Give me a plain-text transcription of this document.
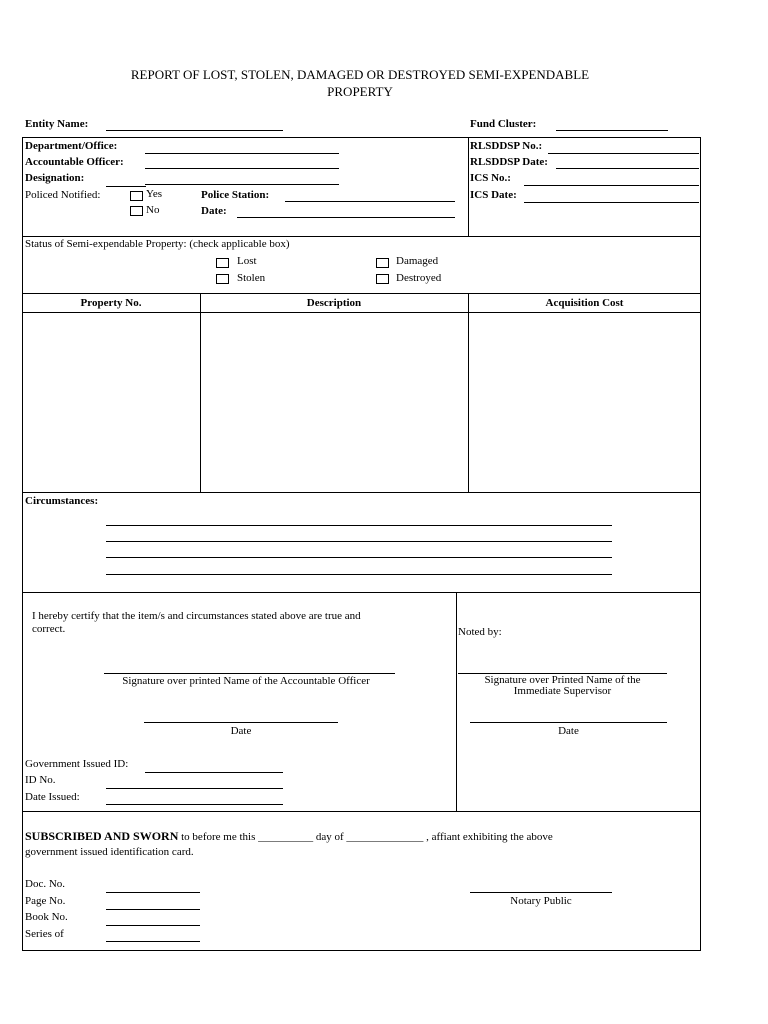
REPORT OF LOST, STOLEN, DAMAGED OR DESTROYED SEMI-EXPENDABLE
PROPERTY
Entity Name:	Fund Cluster:
Department/Office:
Accountable Officer:
Designation:
Policed Notified:	Yes
No
Police Station:
Date:
RLSDDSP No.:
RLSDDSP Date:
ICS No.:
ICS Date:
Status of Semi-expendable Property: (check applicable box)
Lost
Stolen
Damaged
Destroyed
Property No.	Description	Acquisition Cost
Circumstances:
I hereby certify that the item/s and circumstances stated above are true and
correct.
Signature over printed Name of the Accountable Officer
Date
Government Issued ID:
ID No.
Date Issued:
Noted by:
Signature over Printed Name of the
Immediate Supervisor
Date
SUBSCRIBED AND SWORN to before me this __________ day of ______________ , affiant exhibiting the above
government issued identification card.
Doc. No.
Page No.
Book No.
Series of
Notary Public
